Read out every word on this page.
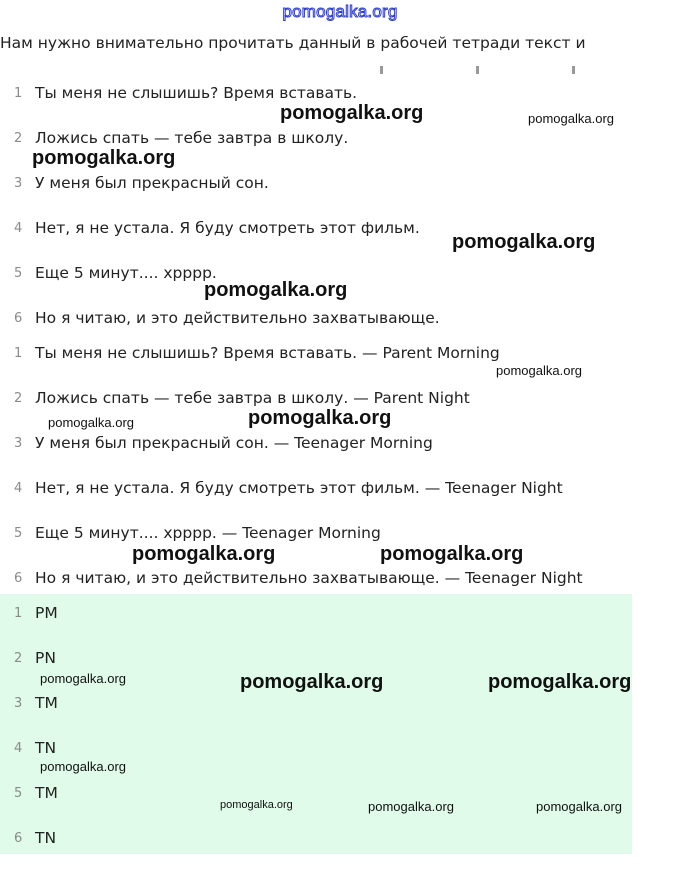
pomogalka.org
Нам нужно внимательно прочитать данный в рабочей тетради текст и
1 Ты меня не слышишь? Время вставать.
2 Ложись спать — тебе завтра в школу.
3 У меня был прекрасный сон.
4 Нет, я не устала. Я буду смотреть этот фильм.
5 Еще 5 минут.... хрррр.
6 Но я читаю, и это действительно захватывающе.
1 Ты меня не слышишь? Время вставать. — Parent Morning
2 Ложись спать — тебе завтра в школу. — Parent Night
3 У меня был прекрасный сон. — Teenager Morning
4 Нет, я не устала. Я буду смотреть этот фильм. — Teenager Night
5 Еще 5 минут.... хрррр. — Teenager Morning
6 Но я читаю, и это действительно захватывающе. — Teenager Night
1 PM
2 PN
3 TM
4 TN
5 TM
6 TN
pomogalka.org	pomogalka.org
pomogalka.org
pomogalka.org
pomogalka.org
pomogalka.org
pomogalka.org	pomogalka.org
pomogalka.org	pomogalka.org
pomogalka.org	pomogalka.org	pomogalka.org
pomogalka.org
pomogalka.org	pomogalka.org	pomogalka.org
